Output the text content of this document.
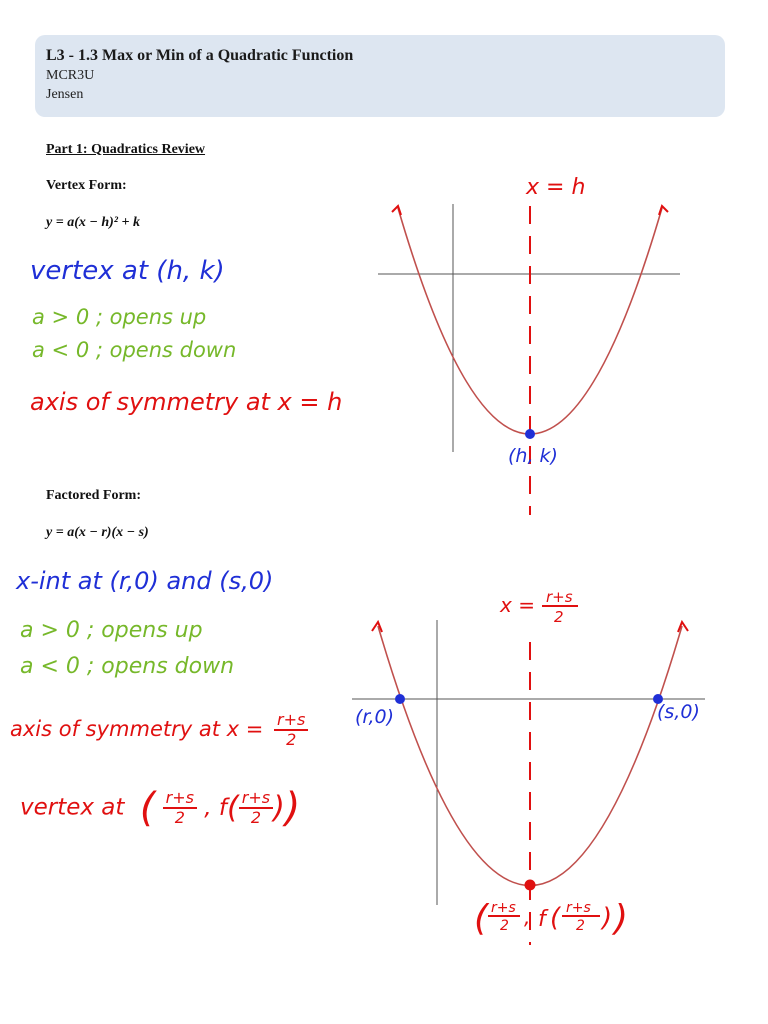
L3 - 1.3 Max or Min of a Quadratic Function
MCR3U
Jensen
Part 1: Quadratics Review
Vertex Form:
y = a(x − h)² + k
vertex at (h, k)
a > 0 ; opens up
a < 0 ; opens down
axis of symmetry at x = h
x = h
(h, k)
Factored Form:
y = a(x − r)(x − s)
x-int at (r,0) and (s,0)
a > 0 ; opens up
a < 0 ; opens down
axis of symmetry at $x = \frac{r+s}{2}$
vertex at ( $\frac{r+s}{2}$ , $f( \frac{r+s}{2}$ ))
x = r+s
2
(r,0)	(s,0)
( r+s
2 , f ( r+s
2 ) )
